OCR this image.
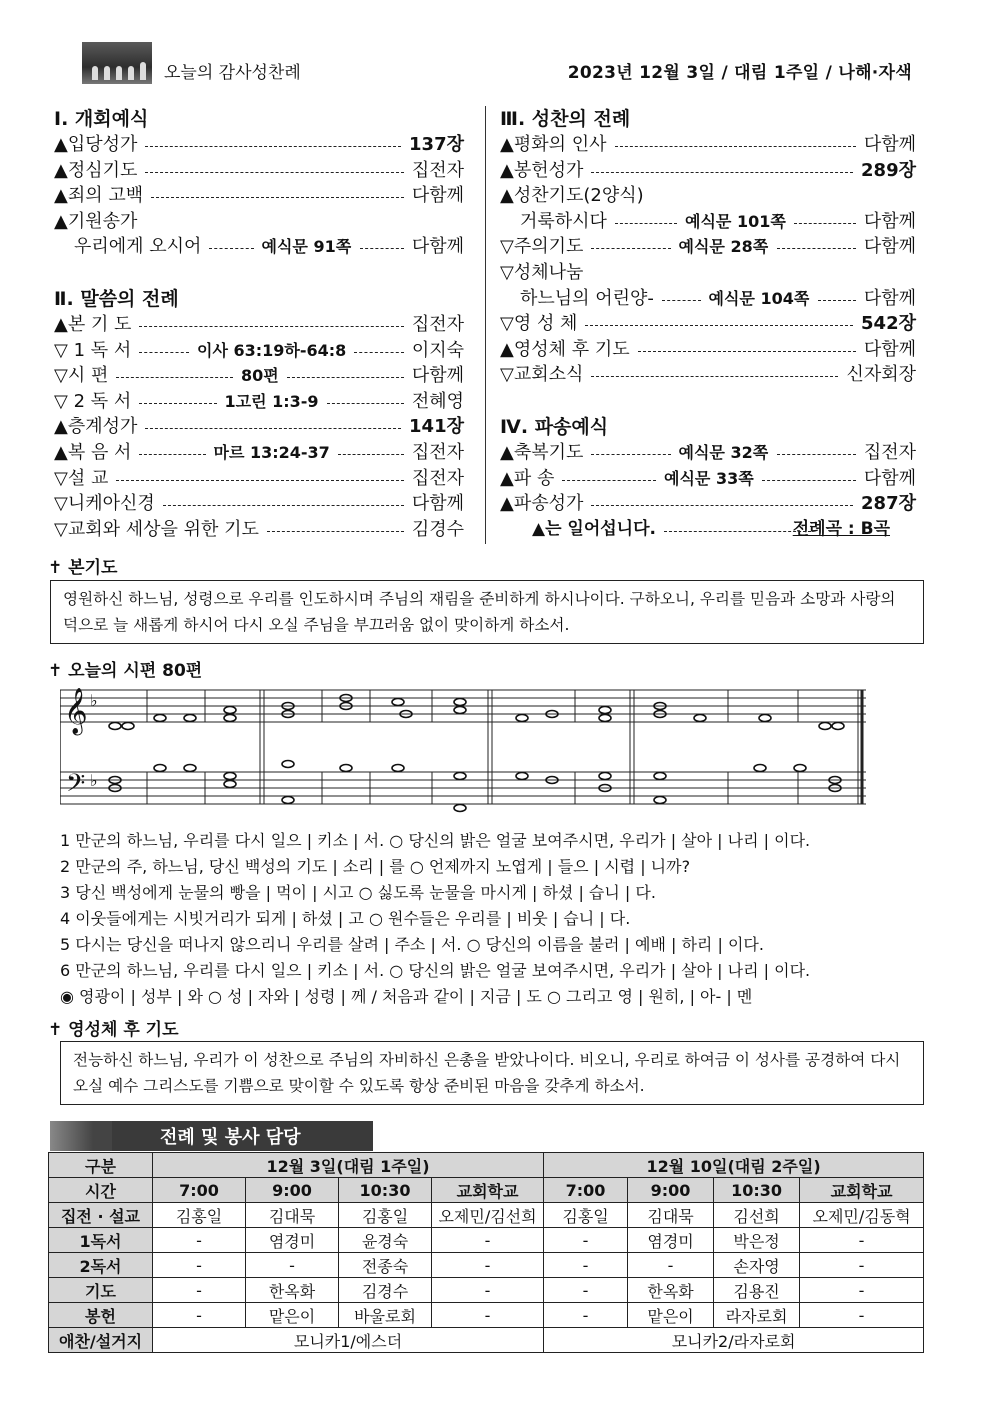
오늘의 감사성찬례	2023년 12월 3일 / 대림 1주일 / 나해·자색
Ⅰ. 개회예식
▲입당성가	137장
▲정심기도	집전자
▲죄의 고백	다함께
▲기원송가
우리에게 오시어	예식문 91쪽	다함께
Ⅱ. 말씀의 전례
▲본 기 도	집전자
▽ 1 독 서	이사 63:19하-64:8	이지숙
▽시 편	80편	다함께
▽ 2 독 서	1고린 1:3-9	전혜영
▲층계성가	141장
▲복 음 서	마르 13:24-37	집전자
▽설 교	집전자
▽니케아신경	다함께
▽교회와 세상을 위한 기도	김경수
Ⅲ. 성찬의 전례
▲평화의 인사	다함께
▲봉헌성가	289장
▲성찬기도(2양식)
거룩하시다	예식문 101쪽	다함께
▽주의기도	예식문 28쪽	다함께
▽성체나눔
하느님의 어린양-	예식문 104쪽	다함께
▽영 성 체	542장
▲영성체 후 기도	다함께
▽교회소식	신자회장
Ⅳ. 파송예식
▲축복기도	예식문 32쪽	집전자
▲파 송	예식문 33쪽	다함께
▲파송성가	287장
▲는 일어섭니다.	전례곡 : B곡
✝ 본기도
영원하신 하느님, 성령으로 우리를 인도하시며 주님의 재림을 준비하게 하시나이다. 구하오니, 우리를 믿음과 소망과 사랑의 덕으로 늘 새롭게 하시어 다시 오실 주님을 부끄러움 없이 맞이하게 하소서.
✝ 오늘의 시편 80편
𝄞
𝄢
♭
♭
1 만군의 하느님, 우리를 다시 일으 | 키소 | 서. ○ 당신의 밝은 얼굴 보여주시면, 우리가 | 살아 | 나리 | 이다.
2 만군의 주, 하느님, 당신 백성의 기도 | 소리 | 를 ○ 언제까지 노엽게 | 들으 | 시렵 | 니까?
3 당신 백성에게 눈물의 빵을 | 먹이 | 시고 ○ 싫도록 눈물을 마시게 | 하셨 | 습니 | 다.
4 이웃들에게는 시빗거리가 되게 | 하셨 | 고 ○ 원수들은 우리를 | 비웃 | 습니 | 다.
5 다시는 당신을 떠나지 않으리니 우리를 살려 | 주소 | 서. ○ 당신의 이름을 불러 | 예배 | 하리 | 이다.
6 만군의 하느님, 우리를 다시 일으 | 키소 | 서. ○ 당신의 밝은 얼굴 보여주시면, 우리가 | 살아 | 나리 | 이다.
◉ 영광이 | 성부 | 와 ○ 성 | 자와 | 성령 | 께 / 처음과 같이 | 지금 | 도 ○ 그리고 영 | 원히, | 아- | 멘
✝ 영성체 후 기도
전능하신 하느님, 우리가 이 성찬으로 주님의 자비하신 은총을 받았나이다. 비오니, 우리로 하여금 이 성사를 공경하여 다시 오실 예수 그리스도를 기쁨으로 맞이할 수 있도록 항상 준비된 마음을 갖추게 하소서.
전례 및 봉사 담당
구분	12월 3일(대림 1주일)				12월 10일(대림 2주일)			
시간	7:00	9:00	10:30	교회학교	7:00	9:00	10:30	교회학교
집전 · 설교	김홍일	김대묵	김홍일	오제민/김선희	김홍일	김대묵	김선희	오제민/김동혁
1독서	-	염경미	윤경숙	-	-	염경미	박은정	-
2독서	-	-	전종숙	-	-	-	손자영	-
기도	-	한옥화	김경수	-	-	한옥화	김용진	-
봉헌	-	맡은이	바울로회	-	-	맡은이	라자로회	-
애찬/설거지	모니카1/에스더				모니카2/라자로회			
